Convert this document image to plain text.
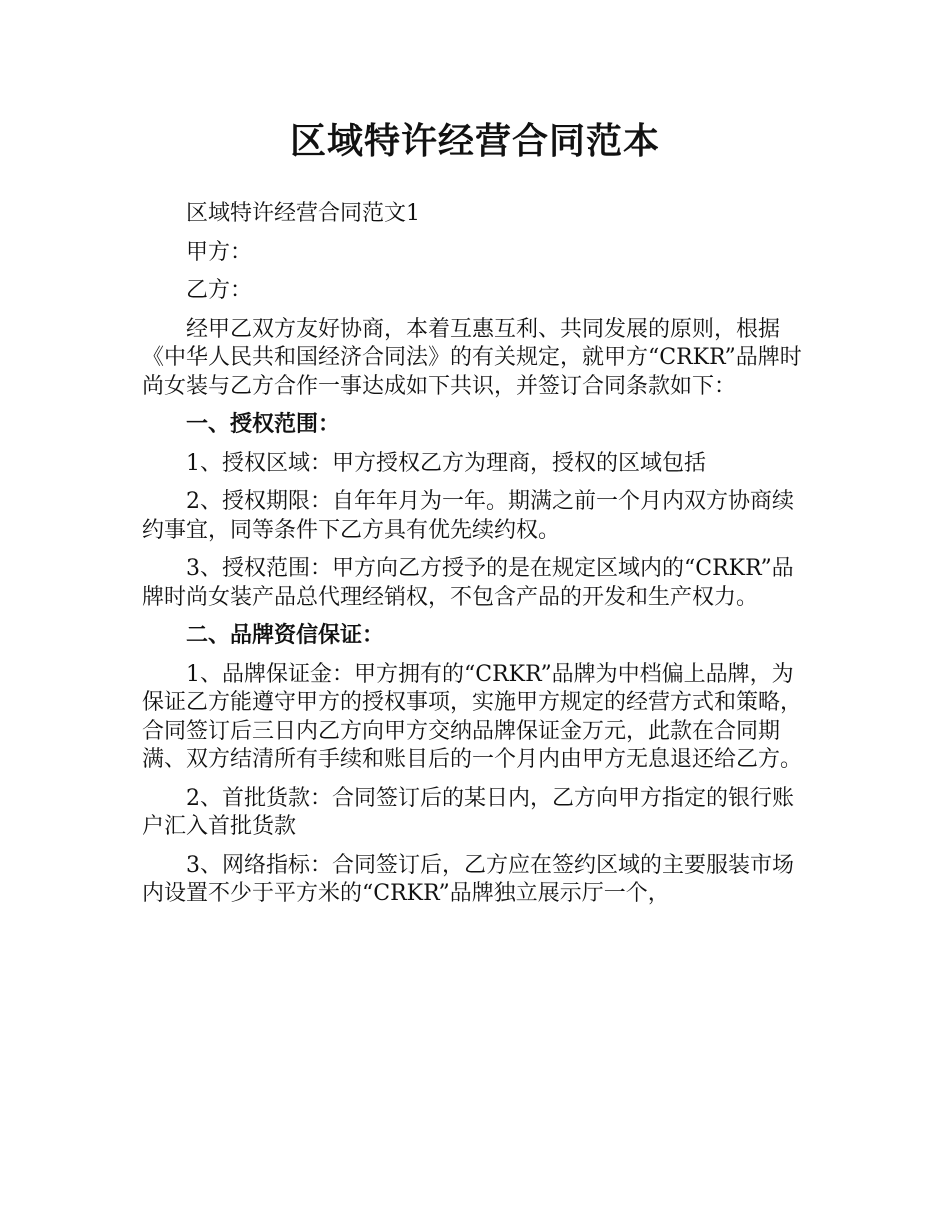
区域特许经营合同范本

区域特许经营合同范文1

甲方：

乙方：

经甲乙双方友好协商，本着互惠互利、共同发展的原则，根据《中华人民共和国经济合同法》的有关规定，就甲方“CRKR”品牌时尚女装与乙方合作一事达成如下共识，并签订合同条款如下：

一、授权范围：

1、授权区域：甲方授权乙方为理商，授权的区域包括

2、授权期限：自年年月为一年。期满之前一个月内双方协商续约事宜，同等条件下乙方具有优先续约权。

3、授权范围：甲方向乙方授予的是在规定区域内的“CRKR”品牌时尚女装产品总代理经销权，不包含产品的开发和生产权力。

二、品牌资信保证：

1、品牌保证金：甲方拥有的“CRKR”品牌为中档偏上品牌，为保证乙方能遵守甲方的授权事项，实施甲方规定的经营方式和策略，合同签订后三日内乙方向甲方交纳品牌保证金万元，此款在合同期满、双方结清所有手续和账目后的一个月内由甲方无息退还给乙方。

2、首批货款：合同签订后的某日内，乙方向甲方指定的银行账户汇入首批货款

3、网络指标：合同签订后，乙方应在签约区域的主要服装市场内设置不少于平方米的“CRKR”品牌独立展示厅一个，
